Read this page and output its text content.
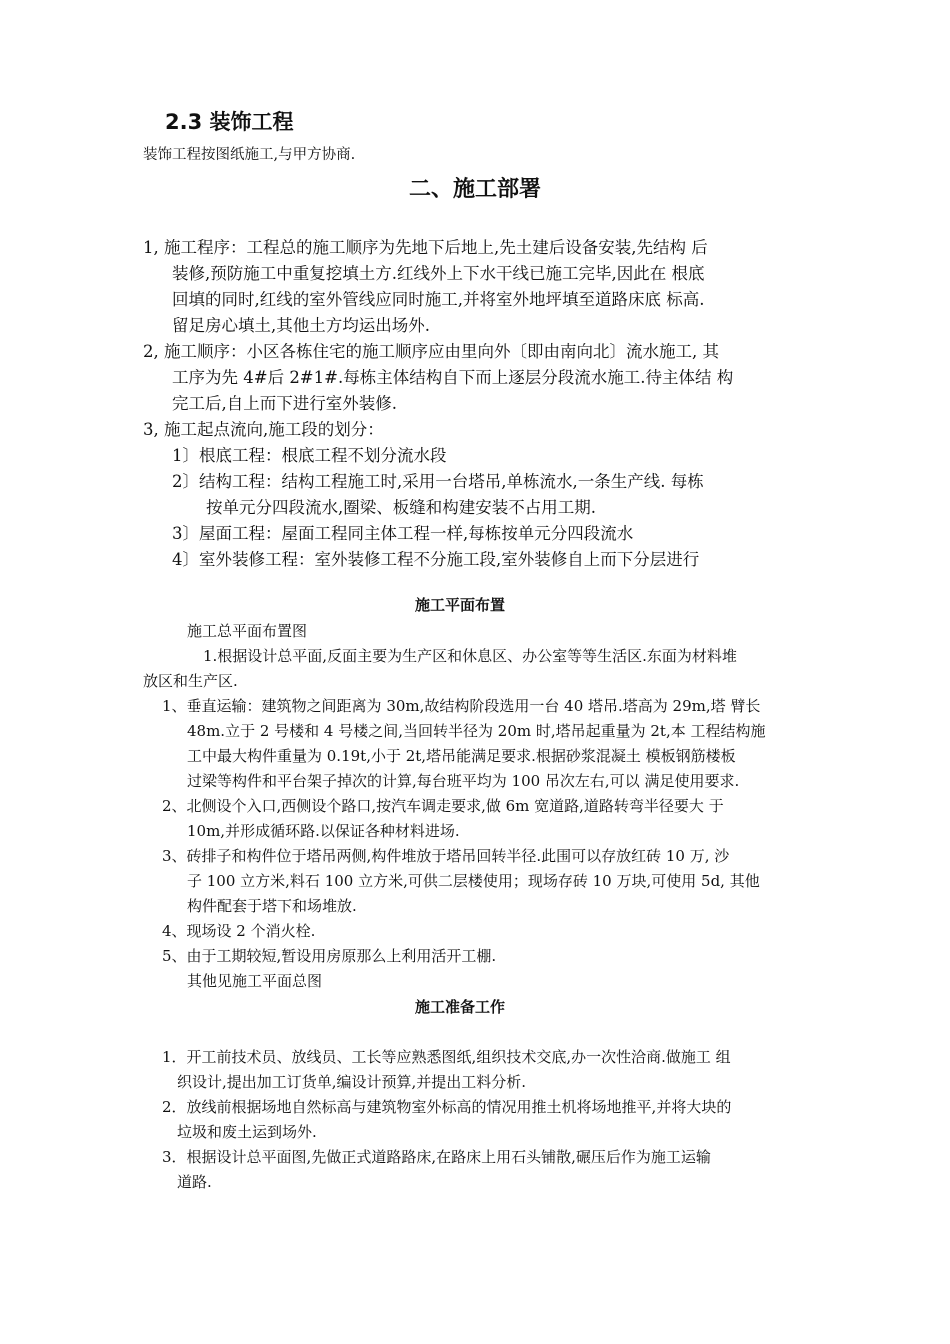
2.3 装饰工程
装饰工程按图纸施工,与甲方协商.
二、施工部署
1, 施工程序：工程总的施工顺序为先地下后地上,先土建后设备安装,先结构 后
装修,预防施工中重复挖填土方.红线外上下水干线已施工完毕,因此在 根底
回填的同时,红线的室外管线应同时施工,并将室外地坪填至道路床底 标高.
留足房心填土,其他土方均运出场外.
2, 施工顺序：小区各栋住宅的施工顺序应由里向外〔即由南向北〕流水施工, 其
工序为先 4#后 2#1#.每栋主体结构自下而上逐层分段流水施工.待主体结 构
完工后,自上而下进行室外装修.
3, 施工起点流向,施工段的划分：
1〕根底工程：根底工程不划分流水段
2〕结构工程：结构工程施工时,采用一台塔吊,单栋流水,一条生产线. 每栋
按单元分四段流水,圈梁、板缝和构建安装不占用工期.
3〕屋面工程：屋面工程同主体工程一样,每栋按单元分四段流水
4〕室外装修工程：室外装修工程不分施工段,室外装修自上而下分层进行
施工平面布置
施工总平面布置图
1.根据设计总平面,反面主要为生产区和休息区、办公室等等生活区.东面为材料堆
放区和生产区.
1、垂直运输：建筑物之间距离为 30m,故结构阶段选用一台 40 塔吊.塔高为 29m,塔 臂长
48m.立于 2 号楼和 4 号楼之间,当回转半径为 20m 时,塔吊起重量为 2t,本 工程结构施
工中最大构件重量为 0.19t,小于 2t,塔吊能满足要求.根据砂浆混凝土 模板钢筋楼板
过梁等构件和平台架子掉次的计算,每台班平均为 100 吊次左右,可以 满足使用要求.
2、北侧设个入口,西侧设个路口,按汽车调走要求,做 6m 宽道路,道路转弯半径要大 于
10m,并形成循环路.以保证各种材料进场.
3、砖排子和构件位于塔吊两侧,构件堆放于塔吊回转半径.此围可以存放红砖 10 万, 沙
子 100 立方米,料石 100 立方米,可供二层楼使用；现场存砖 10 万块,可使用 5d, 其他
构件配套于塔下和场堆放.
4、现场设 2 个消火栓.
5、由于工期较短,暂设用房原那么上利用活开工棚.
其他见施工平面总图
施工准备工作
1．开工前技术员、放线员、工长等应熟悉图纸,组织技术交底,办一次性洽商.做施工 组
织设计,提出加工订货单,编设计预算,并提出工料分析.
2．放线前根据场地自然标高与建筑物室外标高的情况用推土机将场地推平,并将大块的
垃圾和废土运到场外.
3．根据设计总平面图,先做正式道路路床,在路床上用石头铺散,碾压后作为施工运输
道路.
